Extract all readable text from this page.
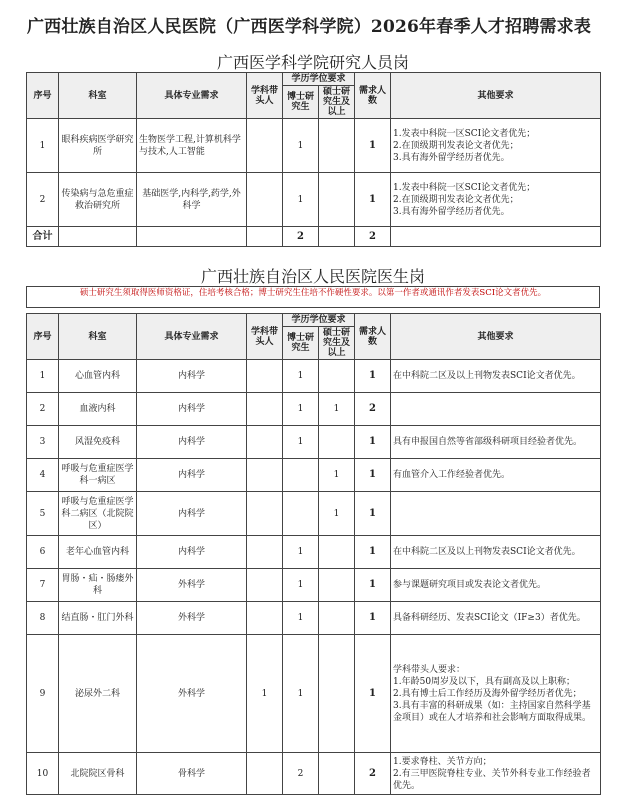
广西壮族自治区人民医院（广西医学科学院）2026年春季人才招聘需求表
广西医学科学院研究人员岗
序号	科室	具体专业需求	学科带头人	学历学位要求		需求人数	其他要求
				博士研究生	硕士研究生及以上		
1	眼科疾病医学研究所	生物医学工程,计算机科学与技术,人工智能		1		1	1.发表中科院一区SCI论文者优先；
2.在顶级期刊发表论文者优先；
3.具有海外留学经历者优先。

2	传染病与急危重症救治研究所	基础医学,内科学,药学,外科学		1		1	1.发表中科院一区SCI论文者优先；
2.在顶级期刊发表论文者优先；
3.具有海外留学经历者优先。

合计				2		2	
广西壮族自治区人民医院医生岗
硕士研究生须取得医师资格证，住培考核合格；博士研究生住培不作硬性要求。以第一作者或通讯作者发表SCI论文者优先。
序号	科室	具体专业需求	学科带头人	学历学位要求		需求人数	其他要求
				博士研究生	硕士研究生及以上		
1	心血管内科	内科学		1		1	在中科院二区及以上刊物发表SCI论文者优先。
2	血液内科	内科学		1	1	2	
3	风湿免疫科	内科学		1		1	具有申报国自然等省部级科研项目经验者优先。
4	呼吸与危重症医学科一病区	内科学			1	1	有血管介入工作经验者优先。
5	呼吸与危重症医学科二病区（北院院区）	内科学			1	1	
6	老年心血管内科	内科学		1		1	在中科院二区及以上刊物发表SCI论文者优先。
7	胃肠・疝・肠瘘外科	外科学		1		1	参与课题研究项目或发表论文者优先。
8	结直肠・肛门外科	外科学		1		1	具备科研经历、发表SCI论文（IF≥3）者优先。
9	泌尿外二科	外科学	1	1		1	学科带头人要求：
1.年龄50周岁及以下，具有副高及以上职称；
2.具有博士后工作经历及海外留学经历者优先；
3.具有丰富的科研成果（如：主持国家自然科学基金项目）或在人才培养和社会影响方面取得成果。

10	北院院区骨科	骨科学		2		2	1.要求脊柱、关节方向；
2.有三甲医院脊柱专业、关节外科专业工作经验者优先。
